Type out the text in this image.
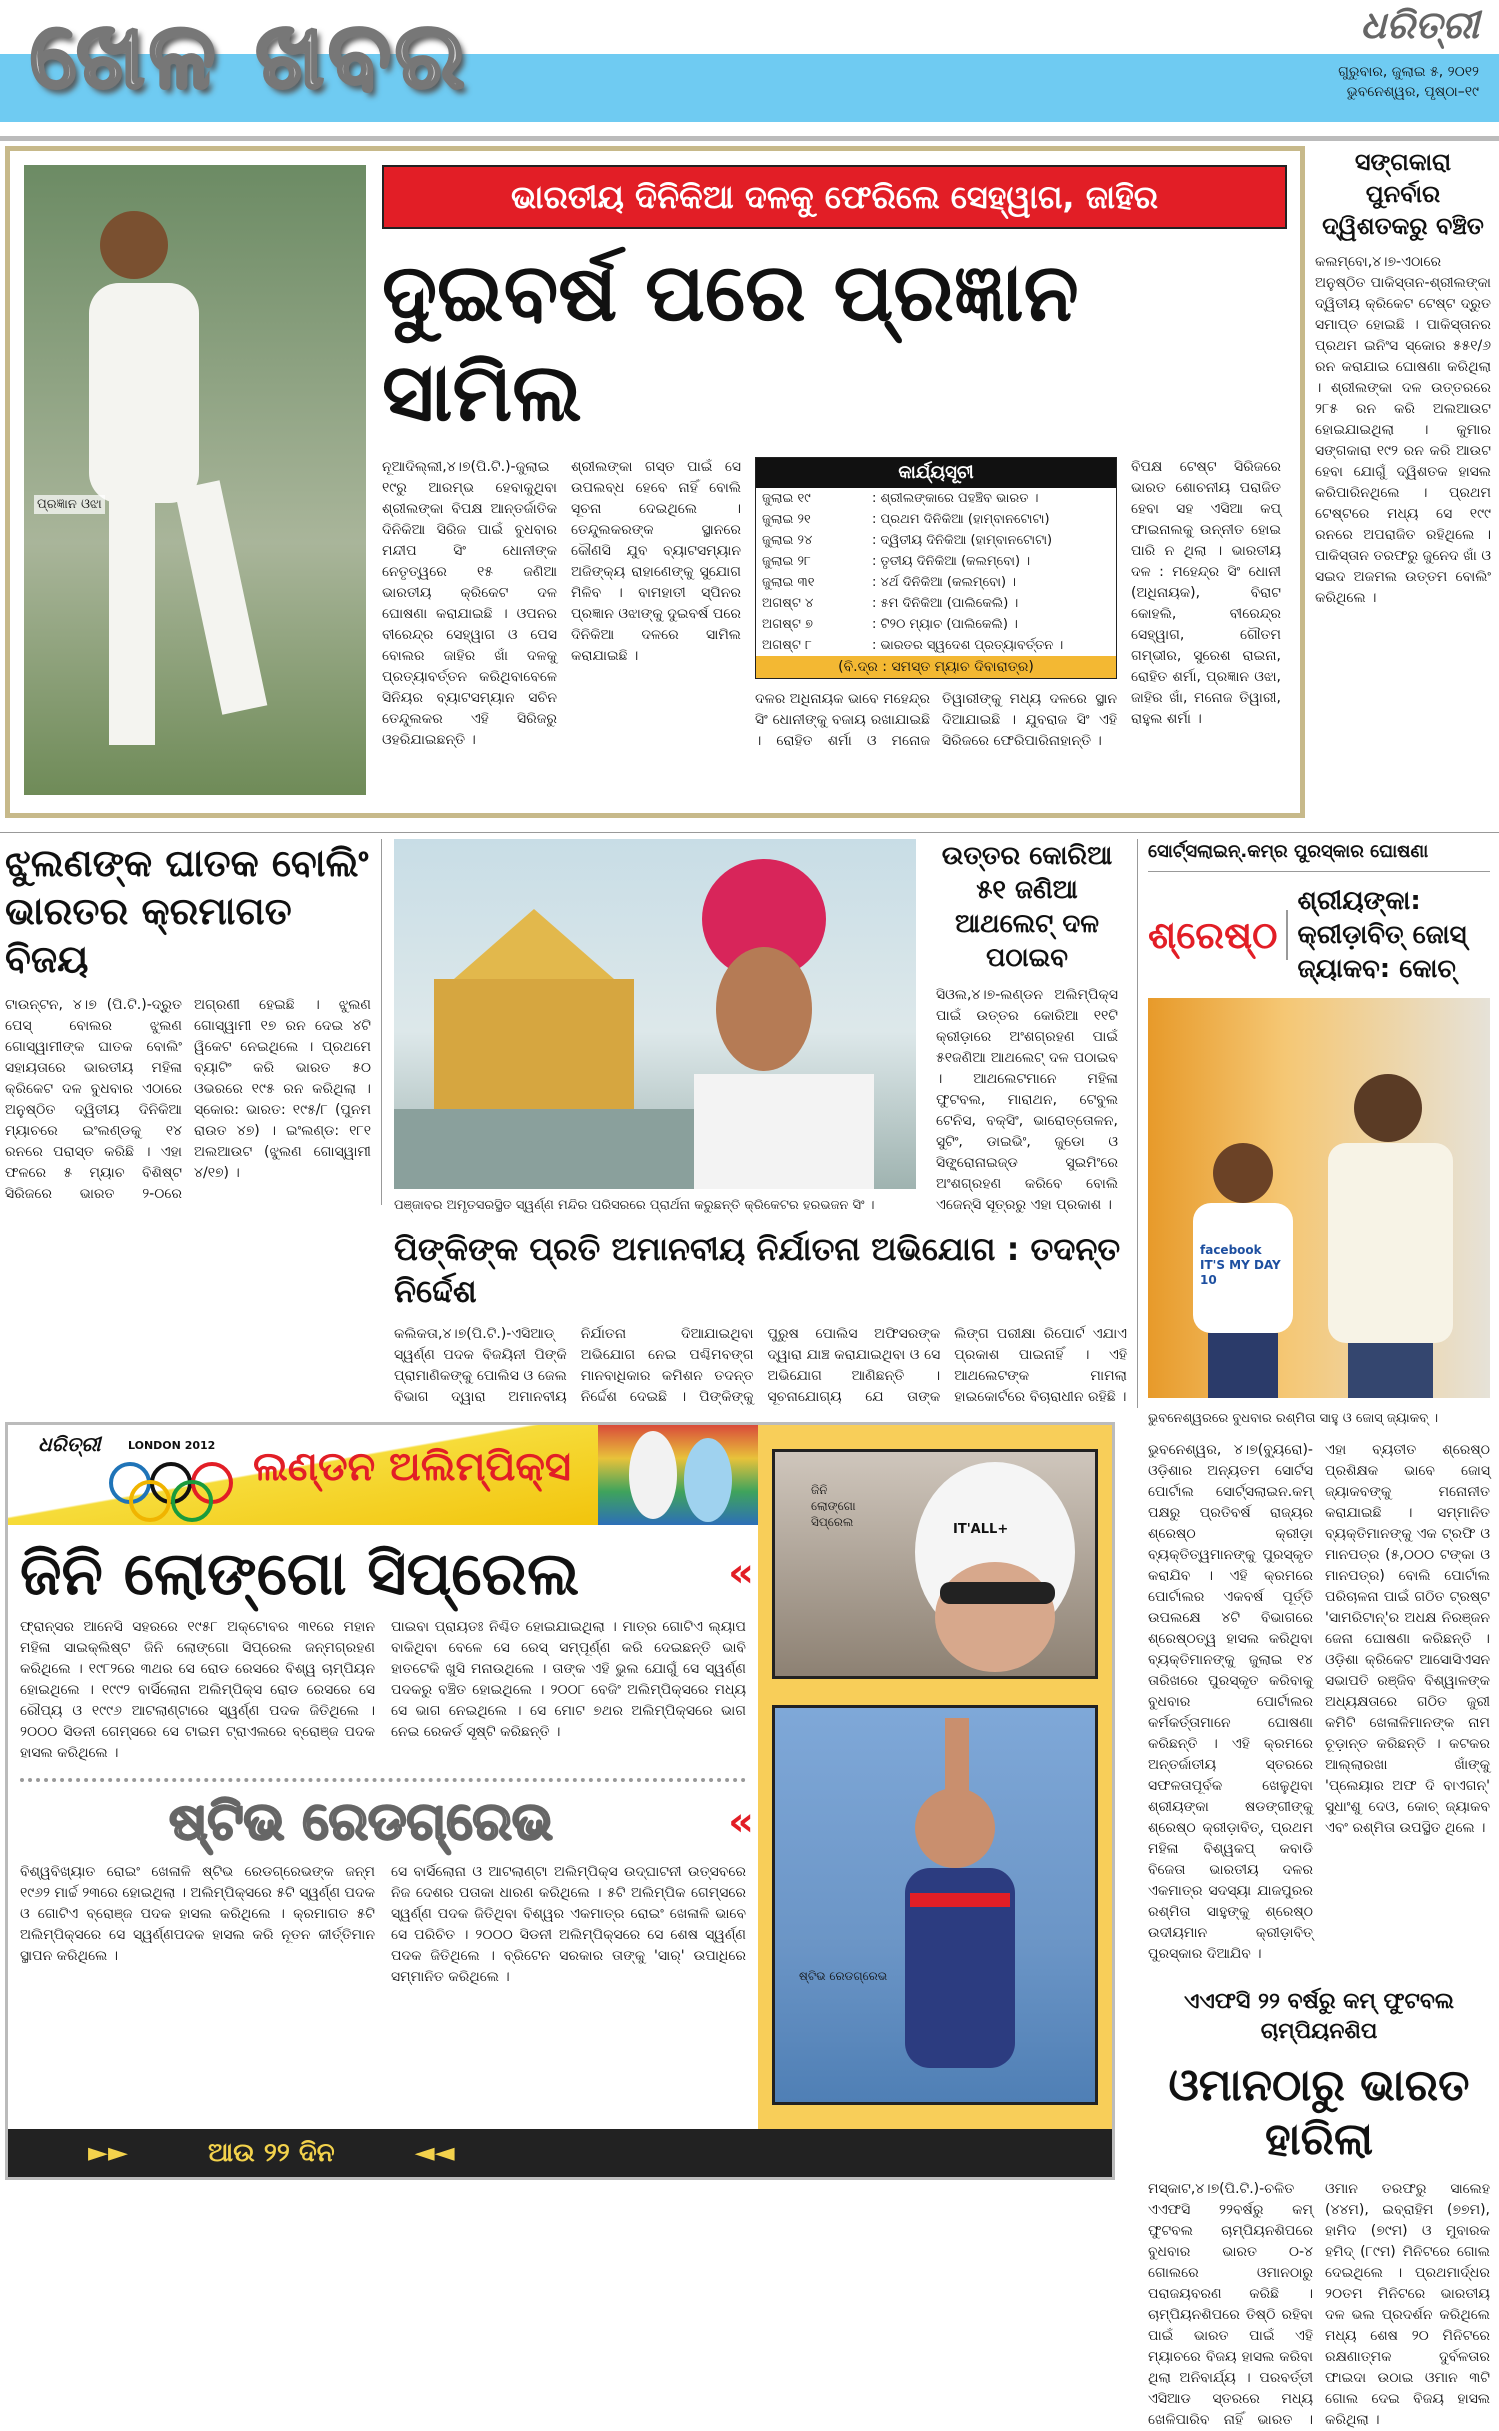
ଖେଳ ଖବର	ଧରିତ୍ରୀ
ଗୁରୁବାର, ଜୁଲାଇ ୫, ୨୦୧୨
ଭୁବନେଶ୍ୱର, ପୃଷ୍ଠା–୧୯
ପ୍ରଜ୍ଞାନ ଓଝା
ଭାରତୀୟ ଦିନିକିଆ ଦଳକୁ ଫେରିଲେ ସେହ୍ୱାଗ, ଜାହିର
ଦୁଇବର୍ଷ ପରେ ପ୍ରଜ୍ଞାନ ସାମିଲ
ନୂଆଦିଲ୍ଲୀ,୪।୭(ପି.ଟି.)-ଜୁଲାଇ ୧୯ରୁ ଆରମ୍ଭ ହେବାକୁଥିବା ଶ୍ରୀଲଙ୍କା ବିପକ୍ଷ ଆନ୍ତର୍ଜାତିକ ଦିନିକିଆ ସିରିଜ ପାଇଁ ବୁଧବାର ମନ୍ଦୀପ ସିଂ ଧୋନୀଙ୍କ ନେତୃତ୍ୱରେ ୧୫ ଜଣିଆ ଭାରତୀୟ କ୍ରିକେଟ ଦଳ ଘୋଷଣା କରାଯାଇଛି । ଓପନର ବୀରେନ୍ଦ୍ର ସେହ୍ୱାଗ ଓ ପେସ ବୋଲର ଜାହିର ଖାଁ ଦଳକୁ ପ୍ରତ୍ୟାବର୍ତ୍ତନ କରିଥିବାବେଳେ ସିନିୟର ବ୍ୟାଟସମ୍ୟାନ ସଚିନ ତେନ୍ଦୁଲକର ଏହି ସିରିଜରୁ ଓହରିଯାଇଛନ୍ତି ।
ଶ୍ରୀଲଙ୍କା ଗସ୍ତ ପାଇଁ ସେ ଉପଲବ୍ଧ ହେବେ ନାହିଁ ବୋଲି ସୂଚନା ଦେଇଥିଲେ । ତେନ୍ଦୁଲକରଙ୍କ ସ୍ଥାନରେ କୌଣସି ଯୁବ ବ୍ୟାଟସମ୍ୟାନ ଅଜିଙ୍କ୍ୟ ରାହାଣେଙ୍କୁ ସୁଯୋଗ ମିଳିବ । ବାମହାତୀ ସ୍ପିନର ପ୍ରଜ୍ଞାନ ଓଝାଙ୍କୁ ଦୁଇବର୍ଷ ପରେ ଦିନିକିଆ ଦଳରେ ସାମିଲ କରାଯାଇଛି ।
କାର୍ଯ୍ୟସୂଚୀ
ଜୁଲାଇ ୧୯	: ଶ୍ରୀଲଙ୍କାରେ ପହଞ୍ଚିବ ଭାରତ ।
ଜୁଲାଇ ୨୧	: ପ୍ରଥମ ଦିନିକିଆ (ହାମ୍ବାନଟୋଟା)
ଜୁଲାଇ ୨୪	: ଦ୍ୱିତୀୟ ଦିନିକିଆ (ହାମ୍ବାନଟୋଟା)
ଜୁଲାଇ ୨୮	: ତୃତୀୟ ଦିନିକିଆ (କଲମ୍ବୋ) ।
ଜୁଲାଇ ୩୧	: ୪ର୍ଥ ଦିନିକିଆ (କଲମ୍ବୋ) ।
ଅଗଷ୍ଟ ୪	: ୫ମ ଦିନିକିଆ (ପାଲିକେଲି) ।
ଅଗଷ୍ଟ ୭	: ଟି୨୦ ମ୍ୟାଚ (ପାଲିକେଲି) ।
ଅଗଷ୍ଟ ୮	: ଭାରତର ସ୍ୱଦେଶ ପ୍ରତ୍ୟାବର୍ତ୍ତନ ।
(ବି.ଦ୍ର : ସମସ୍ତ ମ୍ୟାଚ ଦିବାରାତ୍ର)
ଦଳର ଅଧିନାୟକ ଭାବେ ମହେନ୍ଦ୍ର ସିଂ ଧୋନୀଙ୍କୁ ବଜାୟ ରଖାଯାଇଛି । ରୋହିତ ଶର୍ମା ଓ ମନୋଜ ତିୱାରୀଙ୍କୁ ମଧ୍ୟ ଦଳରେ ସ୍ଥାନ ଦିଆଯାଇଛି । ଯୁବରାଜ ସିଂ ଏହି ସିରିଜରେ ଫେରିପାରିନାହାନ୍ତି ।
ବିପକ୍ଷ ଟେଷ୍ଟ ସିରିଜରେ ଭାରତ ଶୋଚନୀୟ ପରାଜିତ ହେବା ସହ ଏସିଆ କପ୍ ଫାଇନାଲକୁ ଉନ୍ନୀତ ହୋଇ ପାରି ନ ଥିଲା । ଭାରତୀୟ ଦଳ : ମହେନ୍ଦ୍ର ସିଂ ଧୋନୀ (ଅଧିନାୟକ), ବିରାଟ କୋହଲି, ବୀରେନ୍ଦ୍ର ସେହ୍ୱାଗ, ଗୌତମ ଗମ୍ଭୀର, ସୁରେଶ ରାଇନା, ରୋହିତ ଶର୍ମା, ପ୍ରଜ୍ଞାନ ଓଝା, ଜାହିର ଖାଁ, ମନୋଜ ତିୱାରୀ, ରାହୁଲ ଶର୍ମା ।
ସଙ୍ଗକାରା ପୁନର୍ବାର ଦ୍ୱିଶତକରୁ ବଞ୍ଚିତ
କଲମ୍ବୋ,୪।୭-ଏଠାରେ ଅନୁଷ୍ଠିତ ପାକିସ୍ତାନ-ଶ୍ରୀଲଙ୍କା ଦ୍ୱିତୀୟ କ୍ରିକେଟ ଟେଷ୍ଟ ଦ୍ରୁତ ସମାପ୍ତ ହୋଇଛି । ପାକିସ୍ତାନର ପ୍ରଥମ ଇନିଂସ ସ୍କୋର ୫୫୧/୬ ରନ କରାଯାଇ ଘୋଷଣା କରିଥିଲା । ଶ୍ରୀଲଙ୍କା ଦଳ ଉତ୍ତରରେ ୨୮୫ ରନ କରି ଅଲଆଉଟ ହୋଇଯାଇଥିଲା । କୁମାର ସଙ୍ଗକାରା ୧୯୨ ରନ କରି ଆଉଟ ହେବା ଯୋଗୁଁ ଦ୍ୱିଶତକ ହାସଲ କରିପାରିନଥିଲେ । ପ୍ରଥମ ଟେଷ୍ଟରେ ମଧ୍ୟ ସେ ୧୯୯ ରନରେ ଅପରାଜିତ ରହିଥିଲେ । ପାକିସ୍ତାନ ତରଫରୁ ଜୁନେଦ ଖାଁ ଓ ସଇଦ ଅଜମଲ ଉତ୍ତମ ବୋଲିଂ କରିଥିଲେ ।
ଝୁଲଣଙ୍କ ଘାତକ ବୋଲିଂ ଭାରତର କ୍ରମାଗତ ବିଜୟ
ଟାଉନ୍ଟନ, ୪।୭ (ପି.ଟି.)-ଦ୍ରୁତ ପେସ୍ ବୋଲର ଝୁଲଣ ଗୋସ୍ୱାମୀଙ୍କ ଘାତକ ବୋଲିଂ ସହାୟତାରେ ଭାରତୀୟ ମହିଳା କ୍ରିକେଟ ଦଳ ବୁଧବାର ଏଠାରେ ଅନୁଷ୍ଠିତ ଦ୍ୱିତୀୟ ଦିନିକିଆ ମ୍ୟାଚରେ ଇଂଲଣ୍ଡକୁ ୧୪ ରନରେ ପରାସ୍ତ କରିଛି । ଏହା ଫଳରେ ୫ ମ୍ୟାଚ ବିଶିଷ୍ଟ ସିରିଜରେ ଭାରତ ୨-୦ରେ ଅଗ୍ରଣୀ ହେଇଛି । ଝୁଲଣ ଗୋସ୍ୱାମୀ ୧୭ ରନ ଦେଇ ୪ଟି ୱିକେଟ ନେଇଥିଲେ । ପ୍ରଥମେ ବ୍ୟାଟିଂ କରି ଭାରତ ୫୦ ଓଭରରେ ୧୯୫ ରନ କରିଥିଲା । ସ୍କୋର: ଭାରତ: ୧୯୫/୮ (ପୁନମ ରାଉତ ୪୭) । ଇଂଲଣ୍ଡ: ୧୮୧ ଅଲଆଉଟ (ଝୁଲଣ ଗୋସ୍ୱାମୀ ୪/୧୭) ।
ପଞ୍ଜାବର ଅମୃତସରସ୍ଥିତ ସ୍ୱର୍ଣ୍ଣ ମନ୍ଦିର ପରିସରରେ ପ୍ରାର୍ଥନା କରୁଛନ୍ତି କ୍ରିକେଟର ହରଭଜନ ସିଂ ।
ଉତ୍ତର କୋରିଆ ୫୧ ଜଣିଆ ଆଥଲେଟ୍ ଦଳ ପଠାଇବ
ସିଓଲ,୪।୭-ଲଣ୍ଡନ ଅଲିମ୍ପିକ୍ସ ପାଇଁ ଉତ୍ତର କୋରିଆ ୧୧ଟି କ୍ରୀଡ଼ାରେ ଅଂଶଗ୍ରହଣ ପାଇଁ ୫୧ଜଣିଆ ଆଥଲେଟ୍ ଦଳ ପଠାଇବ । ଆଥଲେଟମାନେ ମହିଳା ଫୁଟବଲ, ମାରାଥନ, ଟେବୁଲ ଟେନିସ, ବକ୍ସିଂ, ଭାରୋତ୍ତୋଳନ, ସୁଟିଂ, ଡାଇଭିଂ, ଜୁଡୋ ଓ ସିଙ୍କ୍ରୋନାଇଜ୍ଡ ସୁଇମିଂରେ ଅଂଶଗ୍ରହଣ କରିବେ ବୋଲି ଏଜେନ୍ସି ସୂତ୍ରରୁ ଏହା ପ୍ରକାଶ ।
ପିଙ୍କିଙ୍କ ପ୍ରତି ଅମାନବୀୟ ନିର୍ଯାତନା ଅଭିଯୋଗ : ତଦନ୍ତ ନିର୍ଦ୍ଦେଶ
କଲିକତା,୪।୭(ପି.ଟି.)-ଏସିଆଡ୍ ସ୍ୱର୍ଣ୍ଣ ପଦକ ବିଜୟିନୀ ପିଙ୍କି ପ୍ରାମାଣିକଙ୍କୁ ପୋଲିସ ଓ ଜେଲ ବିଭାଗ ଦ୍ୱାରା ଅମାନବୀୟ ନିର୍ଯାତନା ଦିଆଯାଇଥିବା ଅଭିଯୋଗ ନେଇ ପଶ୍ଚିମବଙ୍ଗ ମାନବାଧିକାର କମିଶନ ତଦନ୍ତ ନିର୍ଦ୍ଦେଶ ଦେଇଛି । ପିଙ୍କିଙ୍କୁ ପୁରୁଷ ପୋଲିସ ଅଫିସରଙ୍କ ଦ୍ୱାରା ଯାଞ୍ଚ କରାଯାଇଥିବା ଓ ସେ ଅଭିଯୋଗ ଆଣିଛନ୍ତି । ସୂଚନାଯୋଗ୍ୟ ଯେ ତାଙ୍କ ଲିଙ୍ଗ ପରୀକ୍ଷା ରିପୋର୍ଟ ଏଯାଏ ପ୍ରକାଶ ପାଇନାହିଁ । ଏହି ଆଥଲେଟଙ୍କ ମାମଲା ହାଇକୋର୍ଟରେ ବିଚାରାଧୀନ ରହିଛି ।
ଧରିତ୍ରୀ	LONDON 2012 ଲଣ୍ଡନ ଅଲିମ୍ପିକ୍ସ
ଜିନି ଲୋଙ୍ଗୋ ସିପ୍ରେଲ	«
ଫ୍ରାନ୍ସର ଆନେସି ସହରରେ ୧୯୫୮ ଅକ୍ଟୋବର ୩୧ରେ ମହାନ ମହିଳା ସାଇକ୍ଲିଷ୍ଟ ଜିନି ଲୋଙ୍ଗୋ ସିପ୍ରେଲ ଜନ୍ମଗ୍ରହଣ କରିଥିଲେ । ୧୯୮୨ରେ ୩ଥର ସେ ରୋଡ ରେସରେ ବିଶ୍ୱ ଚାମ୍ପିୟନ ହୋଇଥିଲେ । ୧୯୯୨ ବାର୍ସିଲୋନା ଅଲିମ୍ପିକ୍ସ ରୋଡ ରେସରେ ସେ ରୌପ୍ୟ ଓ ୧୯୯୬ ଆଟଲାଣ୍ଟାରେ ସ୍ୱର୍ଣ୍ଣ ପଦକ ଜିତିଥିଲେ । ୨୦୦୦ ସିଡନୀ ଗେମ୍ସରେ ସେ ଟାଇମ ଟ୍ରାଏଲରେ ବ୍ରୋଞ୍ଜ ପଦକ ହାସଲ କରିଥିଲେ ।
ପାଇବା ପ୍ରାୟତଃ ନିଶ୍ଚିତ ହୋଇଯାଇଥିଲା । ମାତ୍ର ଗୋଟିଏ ଲ୍ୟାପ ବାକିଥିବା ବେଳେ ସେ ରେସ୍ ସମ୍ପୂର୍ଣ୍ଣ କରି ଦେଇଛନ୍ତି ଭାବି ହାତଟେକି ଖୁସି ମନାଉଥିଲେ । ତାଙ୍କ ଏହି ଭୁଲ ଯୋଗୁଁ ସେ ସ୍ୱର୍ଣ୍ଣ ପଦକରୁ ବଞ୍ଚିତ ହୋଇଥିଲେ । ୨୦୦୮ ବେଜିଂ ଅଲିମ୍ପିକ୍ସରେ ମଧ୍ୟ ସେ ଭାଗ ନେଇଥିଲେ । ସେ ମୋଟ ୭ଥର ଅଲିମ୍ପିକ୍ସରେ ଭାଗ ନେଇ ରେକର୍ଡ ସୃଷ୍ଟି କରିଛନ୍ତି ।
ଷ୍ଟିଭ ରେଡଗ୍ରେଭ	«
ବିଶ୍ୱବିଖ୍ୟାତ ରୋଇଂ ଖେଳାଳି ଷ୍ଟିଭ ରେଡଗ୍ରେଭଙ୍କ ଜନ୍ମ ୧୯୬୨ ମାର୍ଚ୍ଚ ୨୩ରେ ହୋଇଥିଲା । ଅଲିମ୍ପିକ୍ସରେ ୫ଟି ସ୍ୱର୍ଣ୍ଣ ପଦକ ଓ ଗୋଟିଏ ବ୍ରୋଞ୍ଜ ପଦକ ହାସଲ କରିଥିଲେ । କ୍ରମାଗତ ୫ଟି ଅଲିମ୍ପିକ୍ସରେ ସେ ସ୍ୱର୍ଣ୍ଣପଦକ ହାସଲ କରି ନୂତନ କୀର୍ତ୍ତିମାନ ସ୍ଥାପନ କରିଥିଲେ ।
ସେ ବାର୍ସିଲୋନା ଓ ଆଟଲାଣ୍ଟା ଅଲିମ୍ପିକ୍ସ ଉଦ୍‌ଘାଟନୀ ଉତ୍ସବରେ ନିଜ ଦେଶର ପତାକା ଧାରଣ କରିଥିଲେ । ୫ଟି ଅଲିମ୍ପିକ ଗେମ୍ସରେ ସ୍ୱର୍ଣ୍ଣ ପଦକ ଜିତିଥିବା ବିଶ୍ୱର ଏକମାତ୍ର ରୋଇଂ ଖେଳାଳି ଭାବେ ସେ ପରିଚିତ । ୨୦୦୦ ସିଡନୀ ଅଲିମ୍ପିକ୍ସରେ ସେ ଶେଷ ସ୍ୱର୍ଣ୍ଣ ପଦକ ଜିତିଥିଲେ । ବ୍ରିଟେନ ସରକାର ତାଙ୍କୁ 'ସାର୍' ଉପାଧିରେ ସମ୍ମାନିତ କରିଥିଲେ ।
ଜିନି ଲୋଙ୍ଗୋ ସିପ୍ରେଲ	IT'ALL+
ଷ୍ଟିଭ ରେଡଗ୍ରେଭ
►►	ଆଉ ୨୨ ଦିନ	◄◄
ସୋର୍ଟ୍ସଲାଇନ୍.କମ୍‌ର ପୁରସ୍କାର ଘୋଷଣା
ଶ୍ରେଷ୍ଠ
ଶ୍ରୀୟଙ୍କା: କ୍ରୀଡ଼ାବିତ୍ ଜୋସ୍ ଜ୍ୟାକବ: କୋଚ୍
facebook IT'S MY DAY 10
ଭୁବନେଶ୍ୱରରେ ବୁଧବାର ରଶ୍ମିତା ସାହୁ ଓ ଜୋସ୍ ଜ୍ୟାକବ୍ ।
ଭୁବନେଶ୍ୱର, ୪।୭(ବ୍ୟୁରୋ)-ଓଡ଼ିଶାର ଅନ୍ୟତମ ସୋର୍ଟସ ପୋର୍ଟାଲ ସୋର୍ଟ୍ସଲାଇନ.କମ୍ ପକ୍ଷରୁ ପ୍ରତିବର୍ଷ ରାଜ୍ୟର ଶ୍ରେଷ୍ଠ କ୍ରୀଡ଼ା ବ୍ୟକ୍ତିତ୍ୱମାନଙ୍କୁ ପୁରସ୍କୃତ କରାଯିବ । ଏହି କ୍ରମରେ ପୋର୍ଟାଲର ଏକବର୍ଷ ପୂର୍ତ୍ତି ଉପଲକ୍ଷେ ୪ଟି ବିଭାଗରେ ଶ୍ରେଷ୍ଠତ୍ୱ ହାସଲ କରିଥିବା ବ୍ୟକ୍ତିମାନଙ୍କୁ ଜୁଲାଇ ୧୪ ତାରିଖରେ ପୁରସ୍କୃତ କରିବାକୁ ବୁଧବାର ପୋର୍ଟାଲର କର୍ମକର୍ତ୍ତାମାନେ ଘୋଷଣା କରିଛନ୍ତି । ଏହି କ୍ରମରେ ଅନ୍ତର୍ଜାତୀୟ ସ୍ତରରେ ସଫଳତାପୂର୍ବକ ଖେଳୁଥିବା ଶ୍ରୀୟଙ୍କା ଷଡଙ୍ଗୀଙ୍କୁ ଶ୍ରେଷ୍ଠ କ୍ରୀଡ଼ାବିତ୍, ପ୍ରଥମ ମହିଳା ବିଶ୍ୱକପ୍ କବାଡି ବିଜେତା ଭାରତୀୟ ଦଳର ଏକମାତ୍ର ସଦସ୍ୟା ଯାଜପୁରର ରଶ୍ମିତା ସାହୁଙ୍କୁ ଶ୍ରେଷ୍ଠ ଉଦୀୟମାନ କ୍ରୀଡ଼ାବିତ୍ ପୁରସ୍କାର ଦିଆଯିବ ।
ଏହା ବ୍ୟତୀତ ଶ୍ରେଷ୍ଠ ପ୍ରଶିକ୍ଷକ ଭାବେ ଜୋସ୍ ଜ୍ୟାକବଙ୍କୁ ମନୋନୀତ କରାଯାଇଛି । ସମ୍ମାନିତ ବ୍ୟକ୍ତିମାନଙ୍କୁ ଏକ ଟ୍ରଫି ଓ ମାନପତ୍ର (୫,୦୦୦ ଟଙ୍କା ଓ ମାନପତ୍ର) ବୋଲି ପୋର୍ଟାଲ ପରିଚାଳନା ପାଇଁ ଗଠିତ ଟ୍ରଷ୍ଟ 'ସାମରିଟାନ୍'ର ଅଧକ୍ଷ ନିରଞ୍ଜନ ଜେନା ଘୋଷଣା କରିଛନ୍ତି । ଓଡ଼ିଶା କ୍ରିକେଟ ଆସୋସିଏସନ ସଭାପତି ରଞ୍ଜିବ ବିଶ୍ୱାଳଙ୍କ ଅଧ୍ୟକ୍ଷତାରେ ଗଠିତ ଜୁରୀ କମିଟି ଖେଳାଳିମାନଙ୍କ ନାମ ଚୂଡ଼ାନ୍ତ କରିଛନ୍ତି । କଟକର ଆଲ୍ଲାରଖା ଖାଁଙ୍କୁ 'ପ୍ଲେୟାର ଅଫ ଦି ବାଏଗନ୍' ସୁଧାଂଶୁ ଦେଓ, କୋଚ୍ ଜ୍ୟାକବ ଏବଂ ରଶ୍ମିତା ଉପସ୍ଥିତ ଥିଲେ ।
ଏଏଫସି ୨୨ ବର୍ଷରୁ କମ୍ ଫୁଟବଲ ଚାମ୍ପିୟନଶିପ
ଓମାନଠାରୁ ଭାରତ ହାରିଲା
ମସ୍କାଟ,୪।୭(ପି.ଟି.)-ଚଳିତ ଏଏଫସି ୨୨ବର୍ଷରୁ କମ୍ ଫୁଟବଲ ଚାମ୍ପିୟନଶିପରେ ବୁଧବାର ଭାରତ ୦-୪ ଗୋଲରେ ଓମାନଠାରୁ ପରାଜୟବରଣ କରିଛି । ଚାମ୍ପିୟନଶିପରେ ତିଷ୍ଠି ରହିବା ପାଇଁ ଭାରତ ପାଇଁ ଏହି ମ୍ୟାଚରେ ବିଜୟ ହାସଲ କରିବା ଥିଲା ଅନିବାର୍ଯ୍ୟ । ପରବର୍ତ୍ତୀ ଏସିଆଡ ସ୍ତରରେ ମଧ୍ୟ ଖେଳିପାରିବ ନାହିଁ ଭାରତ । ଓମାନ ତରଫରୁ ସାଲେହ (୪୪ମ), ଇବ୍ରାହିମ (୭୭ମ), ହାମିଦ (୭୯ମ) ଓ ମୁବାରକ ହମିଦ୍ (୮୯ମ) ମିନିଟରେ ଗୋଲ ଦେଇଥିଲେ । ପ୍ରଥମାର୍ଦ୍ଧର ୨୦ତମ ମିନିଟରେ ଭାରତୀୟ ଦଳ ଭଲ ପ୍ରଦର୍ଶନ କରିଥିଲେ ମଧ୍ୟ ଶେଷ ୨୦ ମିନିଟରେ ରକ୍ଷଣାତ୍ମକ ଦୁର୍ବଳତାର ଫାଇଦା ଉଠାଇ ଓମାନ ୩ଟି ଗୋଲ ଦେଇ ବିଜୟ ହାସଲ କରିଥିଲା ।
